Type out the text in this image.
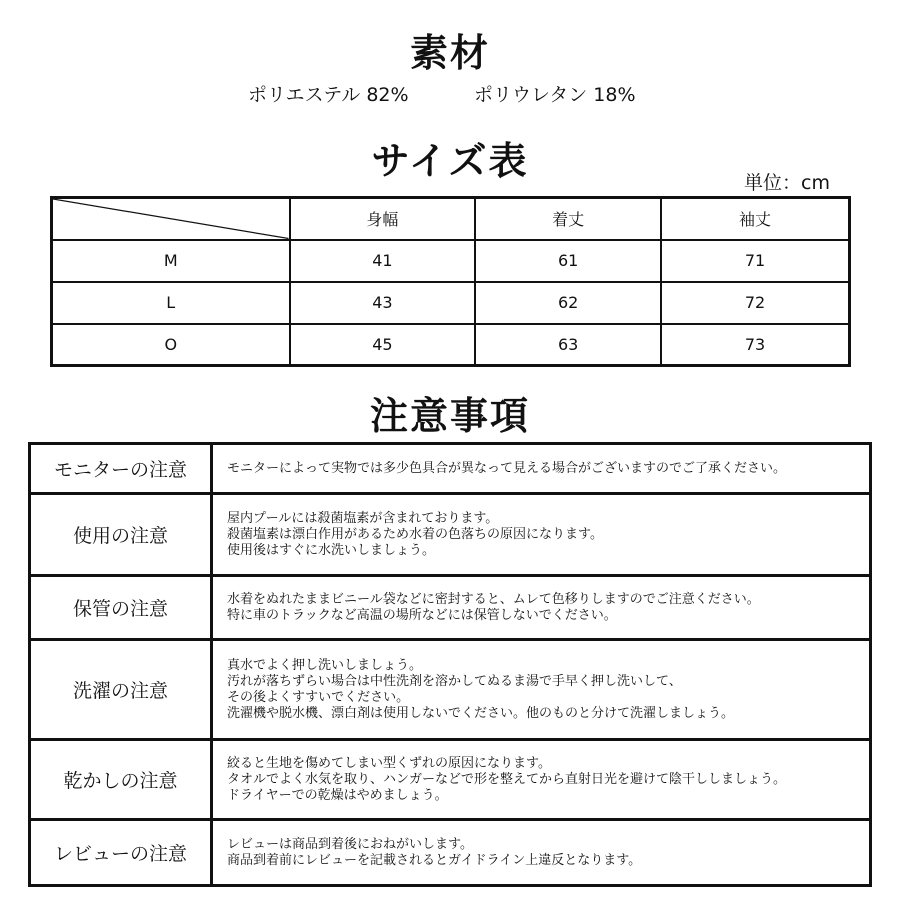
素材
ポリエステル 82%	ポリウレタン 18%
サイズ表	単位：cm
	身幅	着丈	袖丈
M	41	61	71
L	43	62	72
O	45	63	73
注意事項
モニターの注意	モニターによって実物では多少色具合が異なって見える場合がございますのでご了承ください。

使用の注意	屋内プールには殺菌塩素が含まれております。
殺菌塩素は漂白作用があるため水着の色落ちの原因になります。
使用後はすぐに水洗いしましょう。

保管の注意	水着をぬれたままビニール袋などに密封すると、ムレて色移りしますのでご注意ください。
特に車のトラックなど高温の場所などには保管しないでください。

洗濯の注意	真水でよく押し洗いしましょう。
汚れが落ちずらい場合は中性洗剤を溶かしてぬるま湯で手早く押し洗いして、
その後よくすすいでください。
洗濯機や脱水機、漂白剤は使用しないでください。他のものと分けて洗濯しましょう。

乾かしの注意	絞ると生地を傷めてしまい型くずれの原因になります。
タオルでよく水気を取り、ハンガーなどで形を整えてから直射日光を避けて陰干ししましょう。
ドライヤーでの乾燥はやめましょう。

レビューの注意	レビューは商品到着後におねがいします。
商品到着前にレビューを記載されるとガイドライン上違反となります。
